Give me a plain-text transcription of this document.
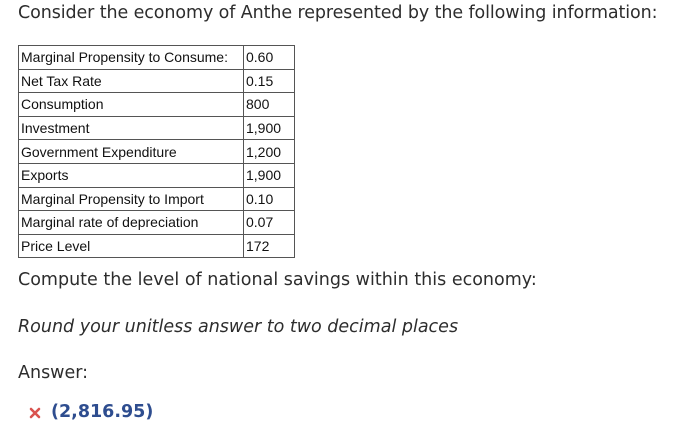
Consider the economy of Anthe represented by the following information:
Marginal Propensity to Consume:	0.60
Net Tax Rate	0.15
Consumption	800
Investment	1,900
Government Expenditure	1,200
Exports	1,900
Marginal Propensity to Import	0.10
Marginal rate of depreciation	0.07
Price Level	172
Compute the level of national savings within this economy:
Round your unitless answer to two decimal places
Answer:
(2,816.95)
